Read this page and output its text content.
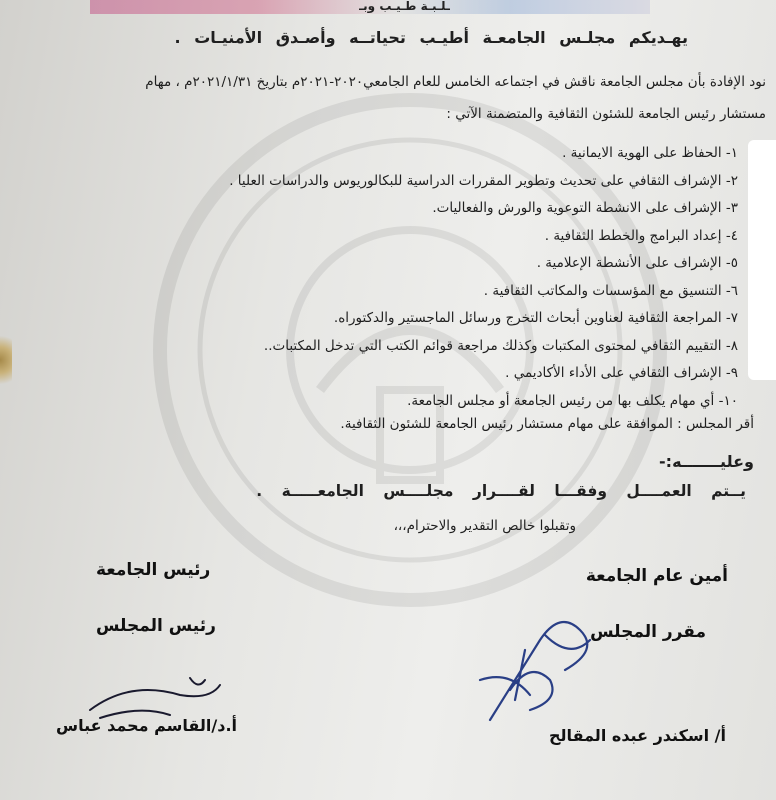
ـلـبـة طـيـب وبـ
يهـديكم مجلـس الجامعـة أطيـب تحياتــه وأصـدق الأمنيـات .
نود الإفادة بأن مجلس الجامعة ناقش في اجتماعه الخامس للعام الجامعي٢٠٢٠-٢٠٢١م بتاريخ ٢٠٢١/١/٣١م ، مهام
مستشار رئيس الجامعة للشئون الثقافية والمتضمنة الآتي :
١- الحفاظ على الهوية الايمانية .
٢- الإشراف الثقافي على تحديث وتطوير المقررات الدراسية للبكالوريوس والدراسات العليا .
٣- الإشراف على الانشطة التوعوية والورش والفعاليات.
٤- إعداد البرامج والخطط الثقافية .
٥- الإشراف على الأنشطة الإعلامية .
٦- التنسيق مع المؤسسات والمكاتب الثقافية .
٧- المراجعة الثقافية لعناوين أبحاث التخرج ورسائل الماجستير والدكتوراه.
٨- التقييم الثقافي لمحتوى المكتبات وكذلك مراجعة قوائم الكتب التي تدخل المكتبات..
٩- الإشراف الثقافي على الأداء الأكاديمي .
١٠- أي مهام يكلف بها من رئيس الجامعة أو مجلس الجامعة.
أقر المجلس : الموافقة على مهام مستشار رئيس الجامعة للشئون الثقافية.
وعليـــــــه:-
يــتم العمــــل وفقـــا لقــــرار مجلــــس الجامعـــــة .
وتقبلوا خالص التقدير والاحترام،،،
أمين عام الجامعة
رئيس الجامعة
مقرر المجلس
رئيس المجلس
أ.د/القاسم محمد عباس
أ/ اسكندر عبده المقالح
